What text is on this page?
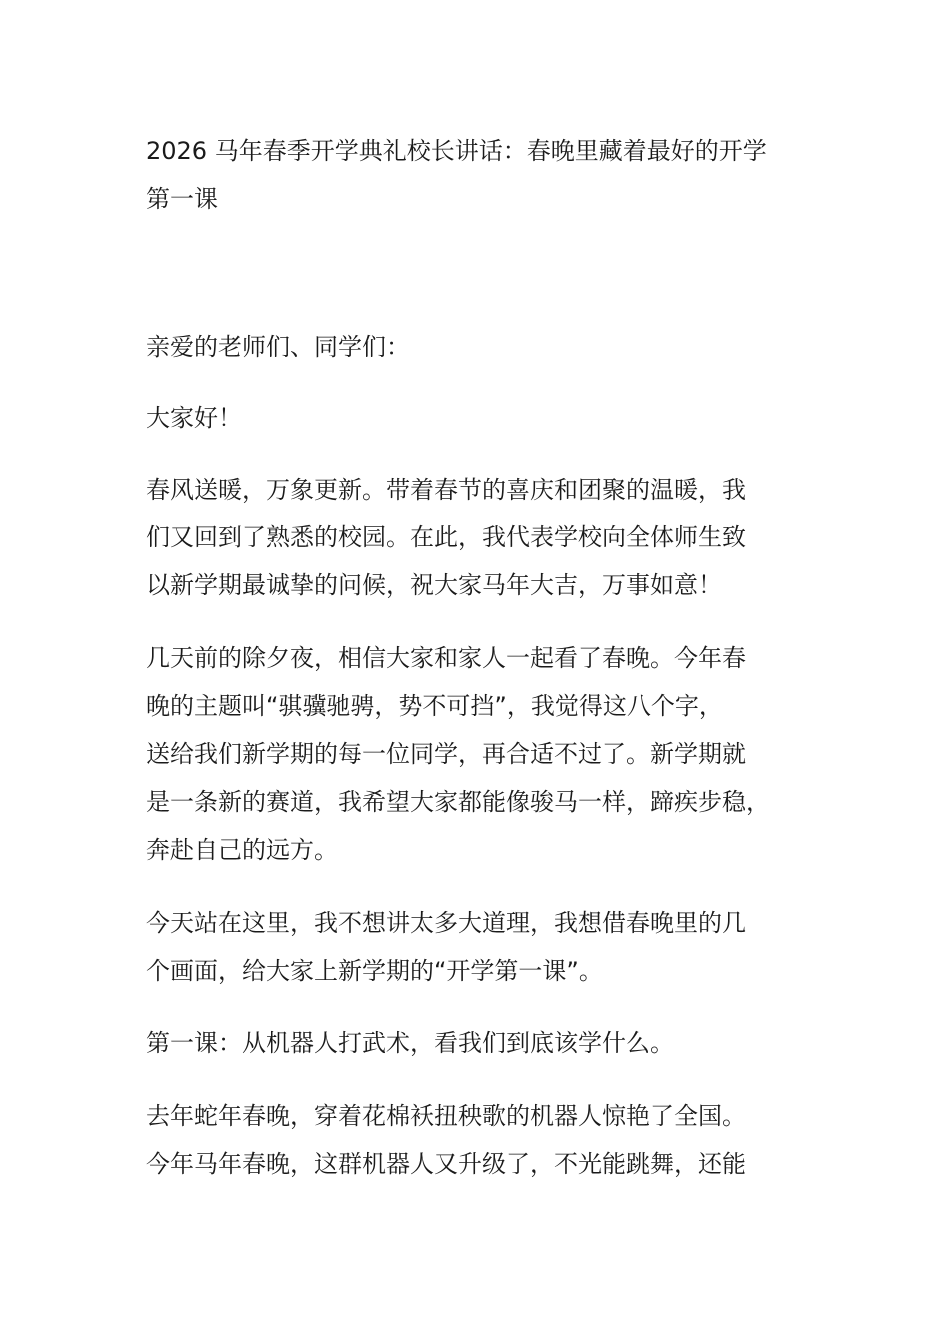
2026 马年春季开学典礼校长讲话：春晚里藏着最好的开学
第一课
亲爱的老师们、同学们：
大家好！
春风送暖，万象更新。带着春节的喜庆和团聚的温暖，我
们又回到了熟悉的校园。在此，我代表学校向全体师生致
以新学期最诚挚的问候，祝大家马年大吉，万事如意！
几天前的除夕夜，相信大家和家人一起看了春晚。今年春
晚的主题叫“骐骥驰骋，势不可挡”，我觉得这八个字，
送给我们新学期的每一位同学，再合适不过了。新学期就
是一条新的赛道，我希望大家都能像骏马一样，蹄疾步稳，
奔赴自己的远方。
今天站在这里，我不想讲太多大道理，我想借春晚里的几
个画面，给大家上新学期的“开学第一课”。
第一课：从机器人打武术，看我们到底该学什么。
去年蛇年春晚，穿着花棉袄扭秧歌的机器人惊艳了全国。
今年马年春晚，这群机器人又升级了，不光能跳舞，还能
